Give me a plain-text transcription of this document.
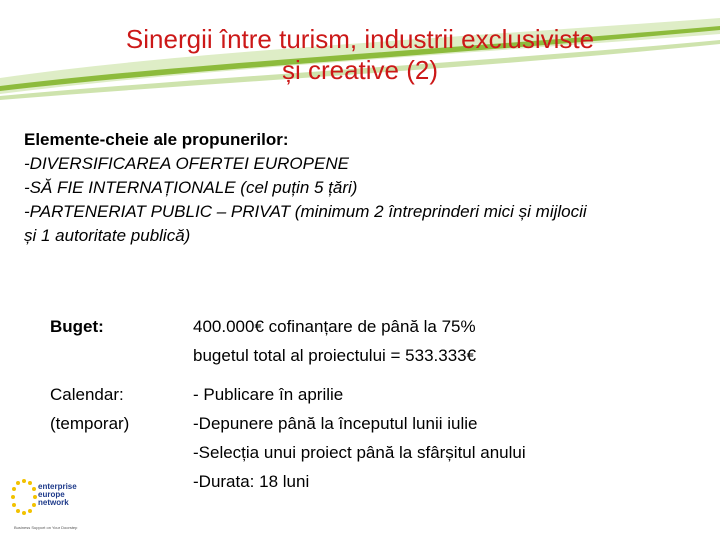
Sinergii între turism, industrii exclusiviste
și creative (2)
Elemente-cheie ale propunerilor:
-DIVERSIFICAREA OFERTEI EUROPENE
-SĂ FIE INTERNAȚIONALE (cel puțin 5 țări)
-PARTENERIAT PUBLIC – PRIVAT (minimum 2 întreprinderi mici și mijlocii
și 1 autoritate publică)
Buget:	400.000€ cofinanțare de până la 75%
bugetul total al proiectului = 533.333€
Calendar:
(temporar)
- Publicare în aprilie
-Depunere până la începutul lunii iulie
-Selecția unui proiect până la sfârșitul anului
-Durata: 18 luni
enterprise
europe
network
Business Support on Your Doorstep
